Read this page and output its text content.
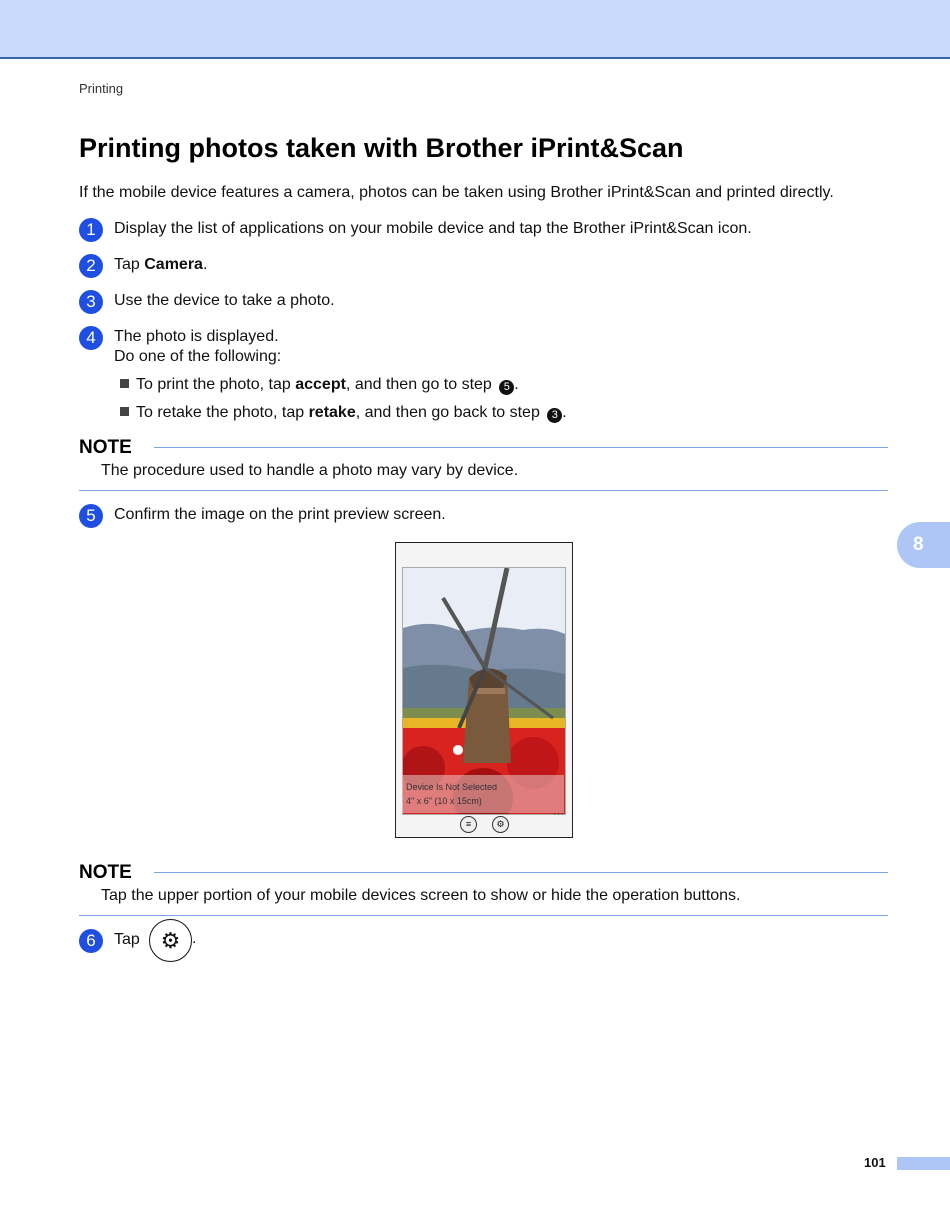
Printing
Printing photos taken with Brother iPrint&Scan

If the mobile device features a camera, photos can be taken using Brother iPrint&Scan and printed directly.

1	Display the list of applications on your mobile device and tap the Brother iPrint&Scan icon.
2	Tap Camera.
3	Use the device to take a photo.
4	The photo is displayed.
Do one of the following:
To print the photo, tap accept, and then go to step 5 .
To retake the photo, tap retake, and then go back to step 3 .
NOTE
The procedure used to handle a photo may vary by device.
5	Confirm the image on the print preview screen.
8
Device Is Not Selected
4" x 6" (10 x 15cm)
≡	⚙
⋯
NOTE
Tap the upper portion of your mobile devices screen to show or hide the operation buttons.
6	Tap ⚙ .
101
